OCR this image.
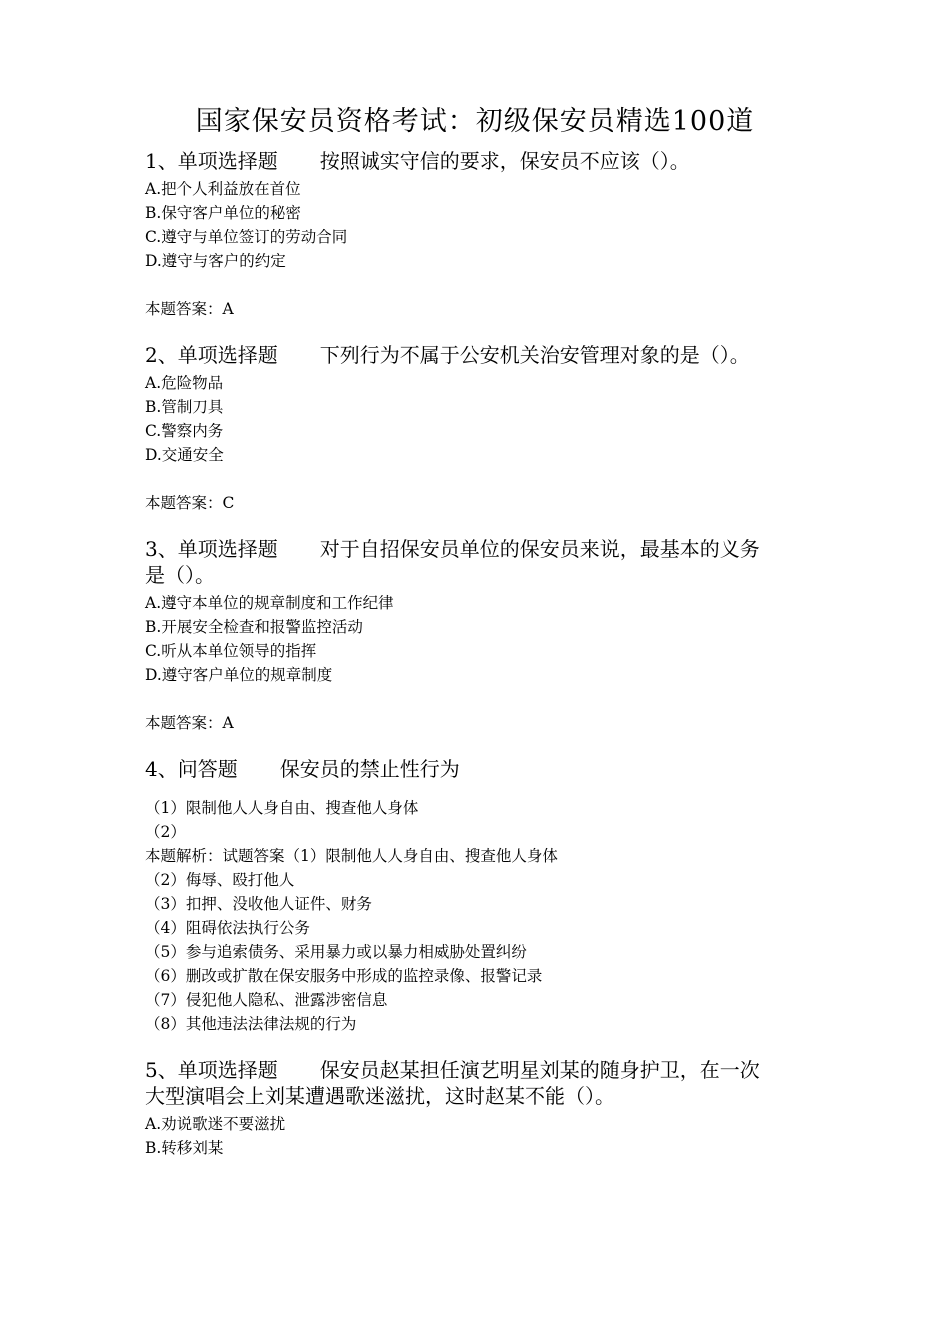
国家保安员资格考试：初级保安员精选100道

1、单项选择题 按照诚实守信的要求，保安员不应该（）。

A.把个人利益放在首位

B.保守客户单位的秘密

C.遵守与单位签订的劳动合同

D.遵守与客户的约定

本题答案：A

2、单项选择题 下列行为不属于公安机关治安管理对象的是（）。

A.危险物品

B.管制刀具

C.警察内务

D.交通安全

本题答案：C

3、单项选择题 对于自招保安员单位的保安员来说，最基本的义务

是（）。

A.遵守本单位的规章制度和工作纪律

B.开展安全检查和报警监控活动

C.听从本单位领导的指挥

D.遵守客户单位的规章制度

本题答案：A

4、问答题 保安员的禁止性行为

（1）限制他人人身自由、搜查他人身体

（2）

本题解析：试题答案（1）限制他人人身自由、搜查他人身体

（2）侮辱、殴打他人

（3）扣押、没收他人证件、财务

（4）阻碍依法执行公务

（5）参与追索债务、采用暴力或以暴力相威胁处置纠纷

（6）删改或扩散在保安服务中形成的监控录像、报警记录

（7）侵犯他人隐私、泄露涉密信息

（8）其他违法法律法规的行为

5、单项选择题 保安员赵某担任演艺明星刘某的随身护卫，在一次

大型演唱会上刘某遭遇歌迷滋扰，这时赵某不能（）。

A.劝说歌迷不要滋扰

B.转移刘某
